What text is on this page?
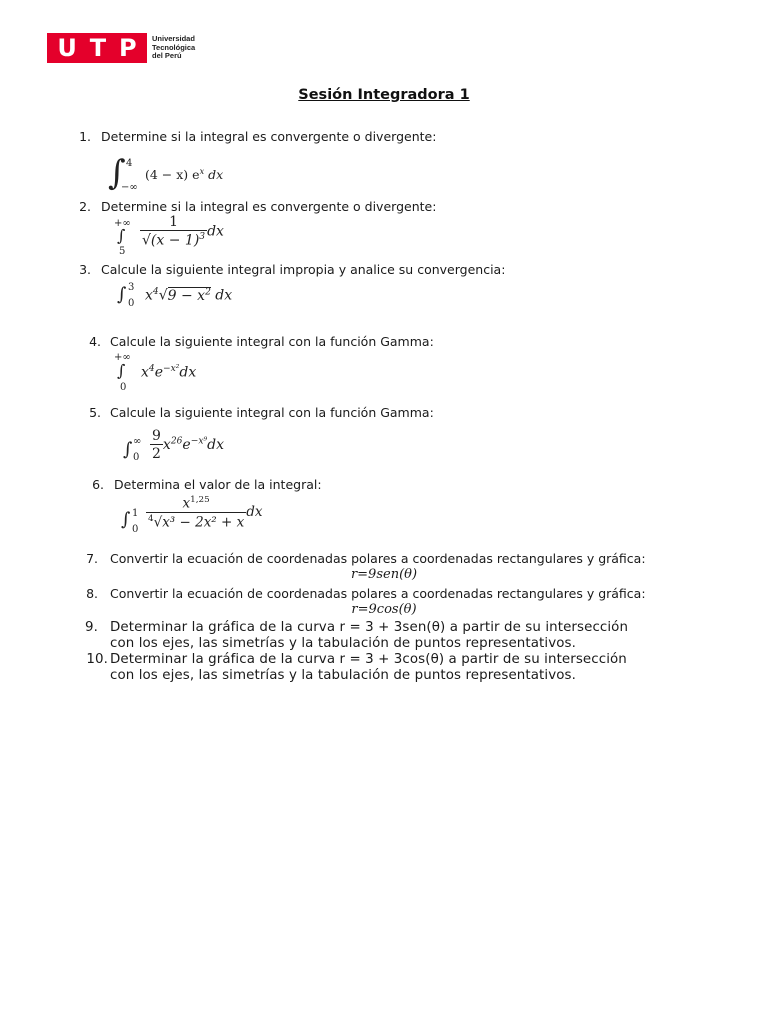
U T P Universidad
Tecnológica
del Perú
Sesión Integradora 1
1. Determine si la integral es convergente o divergente:
∫ 4
−∞
(4 − x) $e^x$ dx
2. Determine si la integral es convergente o divergente:
+∞
∫
5
$\frac{1}{√(x - 1)^3}$ dx
3. Calcule la siguiente integral impropia y analice su convergencia:
∫ 3
0 $x^4√9 - x^2$ dx
4. Calcule la siguiente integral con la función Gamma:
+∞
∫
0
$x^4e^{-x^2}dx$
5. Calcule la siguiente integral con la función Gamma:
∫ ∞
$0 \frac{9}{2} x^{26}e^{-x^9}dx$
6. Determina el valor de la integral:
∫ 1
$0 \frac{x^{1,25}}{^4√x^3 - 2x^2 + x}$ dx
7. Convertir la ecuación de coordenadas polares a coordenadas rectangulares y gráfica:
r=9sen(θ)
8. Convertir la ecuación de coordenadas polares a coordenadas rectangulares y gráfica:
r=9cos(θ)
9. Determinar la gráfica de la curva r = 3 + 3sen(θ) a partir de su intersección
con los ejes, las simetrías y la tabulación de puntos representativos.
10. Determinar la gráfica de la curva r = 3 + 3cos(θ) a partir de su intersección
con los ejes, las simetrías y la tabulación de puntos representativos.
